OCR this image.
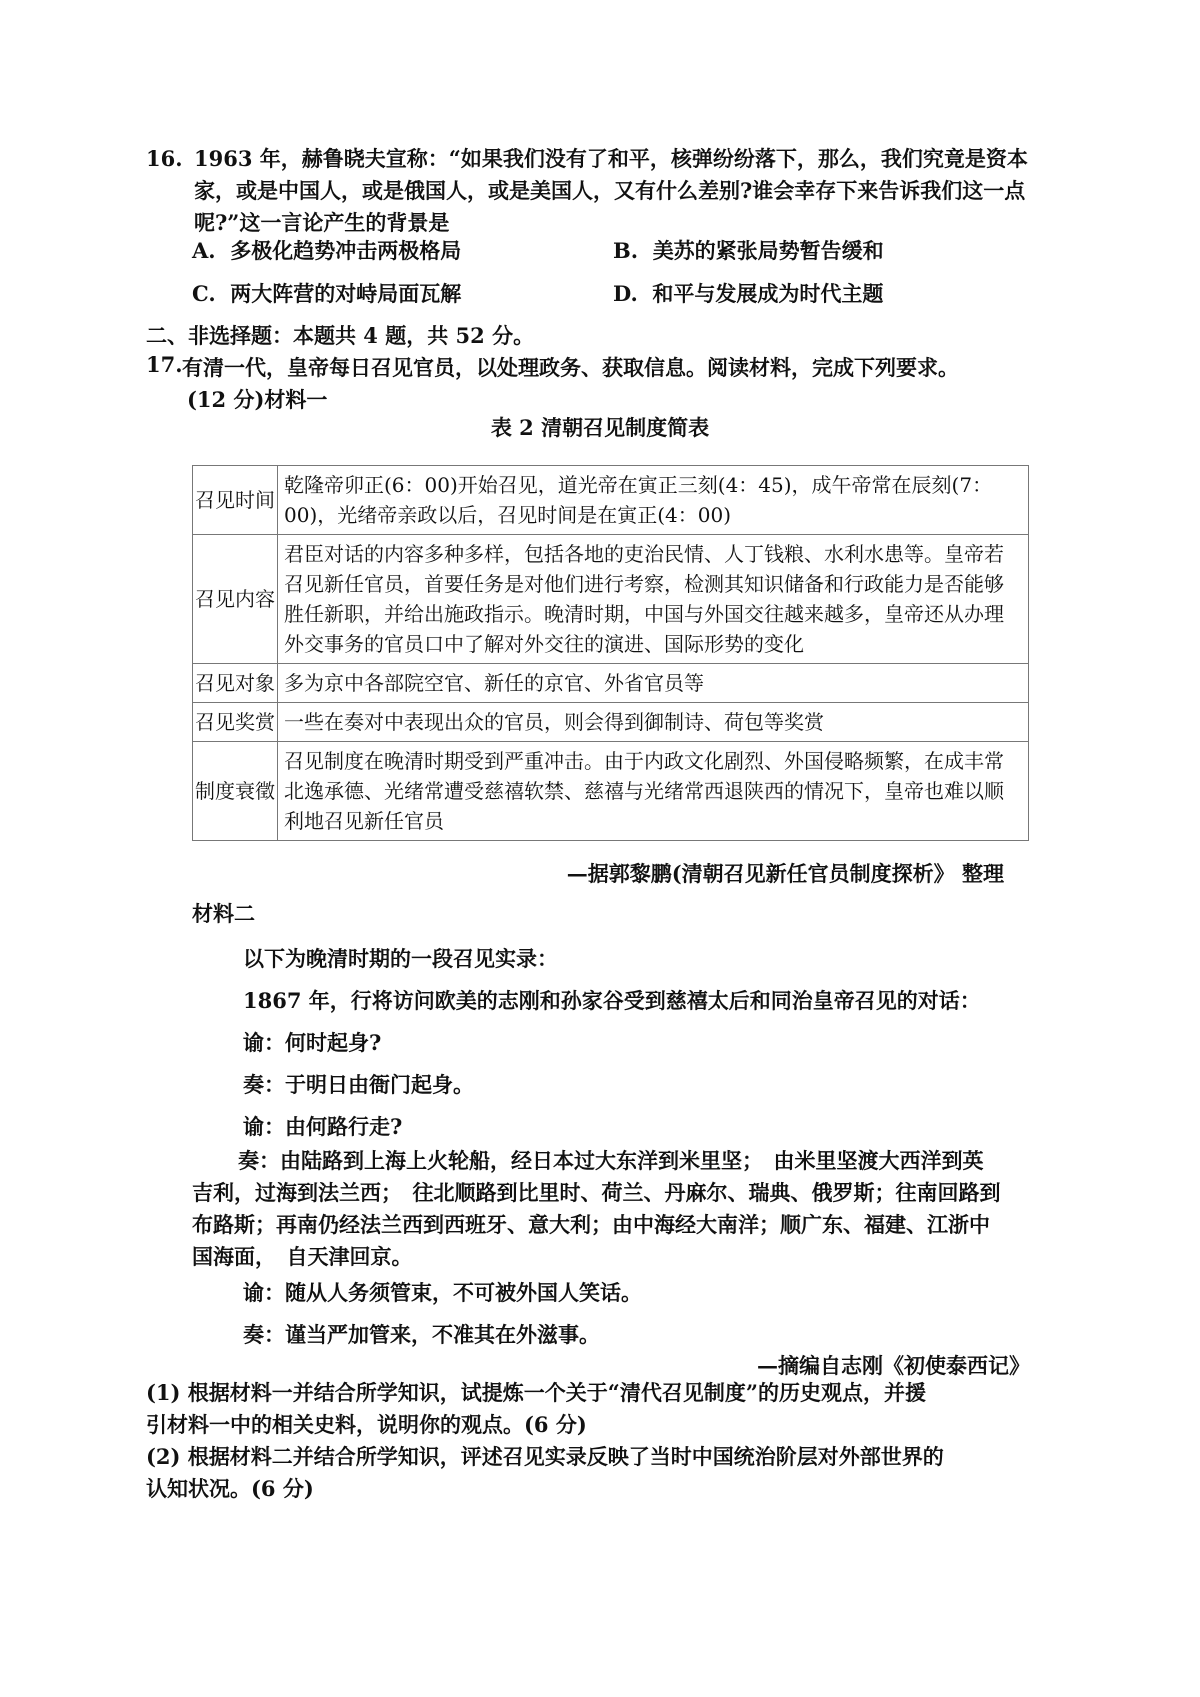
16. 1963 年，赫鲁晓夫宣称：“如果我们没有了和平，核弹纷纷落下，那么，我们究竟是资本家，或是中国人，或是俄国人，或是美国人，又有什么差别?谁会幸存下来告诉我们这一点呢?”这一言论产生的背景是
A. 多极化趋势冲击两极格局	B. 美苏的紧张局势暂告缓和
C. 两大阵营的对峙局面瓦解	D. 和平与发展成为时代主题
二、非选择题：本题共 4 题，共 52 分。
17. 有清一代，皇帝每日召见官员，以处理政务、获取信息。阅读材料，完成下列要求。
(12 分)材料一
表 2 清朝召见制度简表
召见时间	乾隆帝卯正(6：00)开始召见，道光帝在寅正三刻(4：45)，成午帝常在辰刻(7：00)，光绪帝亲政以后，召见时间是在寅正(4：00)
召见内容	君臣对话的内容多种多样，包括各地的吏治民情、人丁钱粮、水利水患等。皇帝若召见新任官员，首要任务是对他们进行考察，检测其知识储备和行政能力是否能够胜任新职，并给出施政指示。晚清时期，中国与外国交往越来越多，皇帝还从办理外交事务的官员口中了解对外交往的演进、国际形势的变化
召见对象	多为京中各部院空官、新任的京官、外省官员等
召见奖赏	一些在奏对中表现出众的官员，则会得到御制诗、荷包等奖赏
制度衰徵	召见制度在晚清时期受到严重冲击。由于内政文化剧烈、外国侵略频繁，在成丰常北逸承德、光绪常遭受慈禧软禁、慈禧与光绪常西退陕西的情况下，皇帝也难以顺利地召见新任官员
—据郭黎鹏(清朝召见新任官员制度探析》 整理
材料二
以下为晚清时期的一段召见实录：
1867 年，行将访问欧美的志刚和孙家谷受到慈禧太后和同治皇帝召见的对话：
谕：何时起身?
奏：于明日由衙门起身。
谕：由何路行走?
奏：由陆路到上海上火轮船，经日本过大东洋到米里坚；　由米里坚渡大西洋到英
吉利，过海到法兰西；　往北顺路到比里时、荷兰、丹麻尔、瑞典、俄罗斯；往南回路到
布路斯；再南仍经法兰西到西班牙、意大利；由中海经大南洋；顺广东、福建、江浙中
国海面，　自天津回京。
谕：随从人务须管束，不可被外国人笑话。
奏：谨当严加管来，不准其在外滋事。
—摘编自志刚《初使泰西记》
(1) 根据材料一并结合所学知识，试提炼一个关于“清代召见制度”的历史观点，并援
引材料一中的相关史料，说明你的观点。(6 分)
(2) 根据材料二并结合所学知识，评述召见实录反映了当时中国统治阶层对外部世界的
认知状况。(6 分)
